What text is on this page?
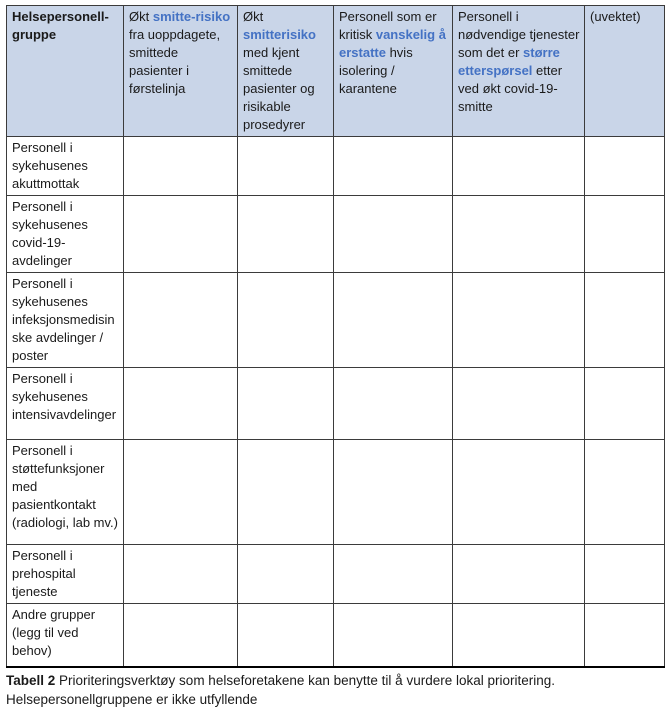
Helsepersonell-gruppe	Økt smitte-risiko fra uoppdagete, smittede pasienter i førstelinja	Økt smitterisiko med kjent smittede pasienter og risikable prosedyrer	Personell som er kritisk vanskelig å erstatte hvis isolering / karantene	Personell i nødvendige tjenester som det er større etterspørsel etter ved økt covid-19-smitte	(uvektet)
Personell i sykehusenes akuttmottak					
Personell i sykehusenes covid-19-avdelinger					
Personell i sykehusenes infeksjonsmedisinske avdelinger / poster					
Personell i sykehusenes intensivavdelinger					
Personell i støttefunksjoner med pasientkontakt (radiologi, lab mv.)					
Personell i prehospital tjeneste					
Andre grupper (legg til ved behov)					

Tabell 2 Prioriteringsverktøy som helseforetakene kan benytte til å vurdere lokal prioritering.
Helsepersonellgruppene er ikke utfyllende
